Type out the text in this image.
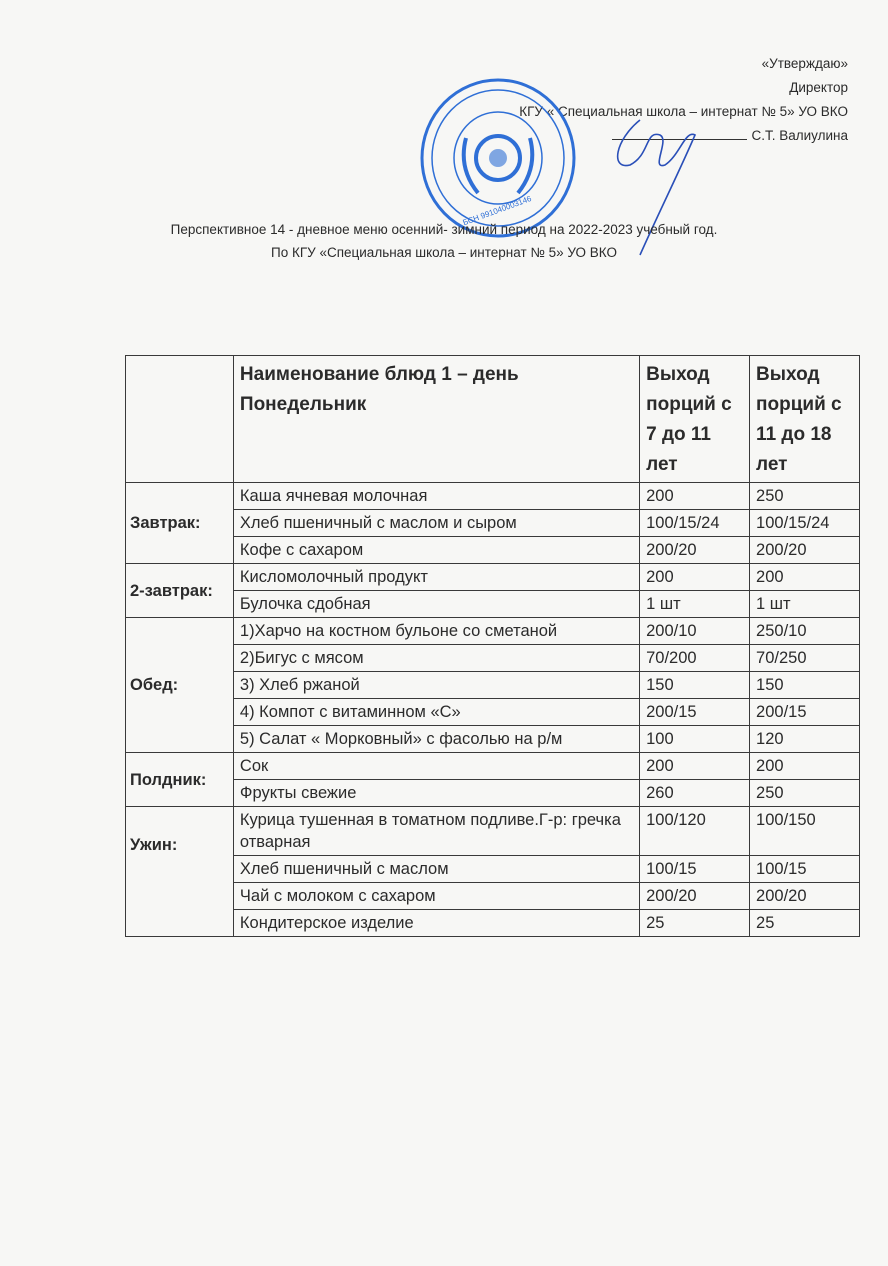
«Утверждаю»
Директор
КГУ « Специальная школа – интернат № 5» УО ВКО
С.Т. Валиулина
БСН 991040003146
Перспективное 14 - дневное меню осенний- зимний период на 2022-2023 учебный год.
По КГУ «Специальная школа – интернат № 5» УО ВКО
	Наименование блюд 1 – день Понедельник	Выход порций с 7 до 11 лет	Выход порций с 11 до 18 лет
Завтрак:	Каша ячневая молочная	200	250
	Хлеб пшеничный с маслом и сыром	100/15/24	100/15/24
	Кофе с сахаром	200/20	200/20
2-завтрак:	Кисломолочный продукт	200	200
	Булочка сдобная	1 шт	1 шт
Обед:	1)Харчо на костном бульоне со сметаной	200/10	250/10
	2)Бигус с мясом	70/200	70/250
	3) Хлеб ржаной	150	150
	4) Компот с витаминном «С»	200/15	200/15
	5) Салат « Морковный» с фасолью на р/м	100	120
Полдник:	Сок	200	200
	Фрукты свежие	260	250
Ужин:	Курица тушенная в томатном подливе.Г-р: гречка отварная	100/120	100/150
	Хлеб пшеничный с маслом	100/15	100/15
	Чай с молоком с сахаром	200/20	200/20
	Кондитерское изделие	25	25
